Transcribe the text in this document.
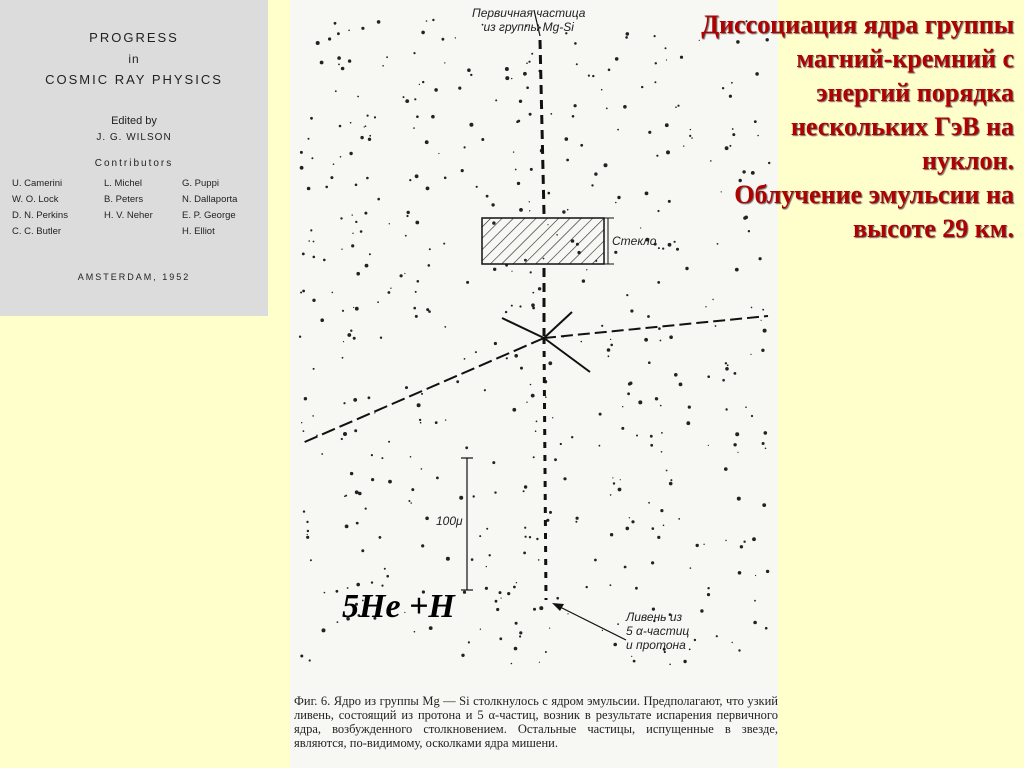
PROGRESS
in
COSMIC RAY PHYSICS
Edited by
J. G. WILSON
Contributors
U. Camerini
W. O. Lock
D. N. Perkins
C. C. Butler
L. Michel
B. Peters
H. V. Neher
G. Puppi
N. Dallaporta
E. P. George
H. Elliot
AMSTERDAM, 1952
Первичная частица
из группы Mg-Si
Стекло
100μ
Ливень из
5 α-частиц
и протона
Фиг. 6. Ядро из группы Mg — Si столкнулось с ядром эмульсии. Предполагают, что узкий ливень, состоящий из протона и 5 α-частиц, возник в результате испарения первичного ядра, возбужденного столкновением. Остальные частицы, испущенные в звезде, являются, по-видимому, осколками ядра мишени.
Диссоциация ядра группы
магний-кремний с
энергий порядка
нескольких ГэВ на
нуклон.
Облучение эмульсии на
высоте 29 км.
5He +H
